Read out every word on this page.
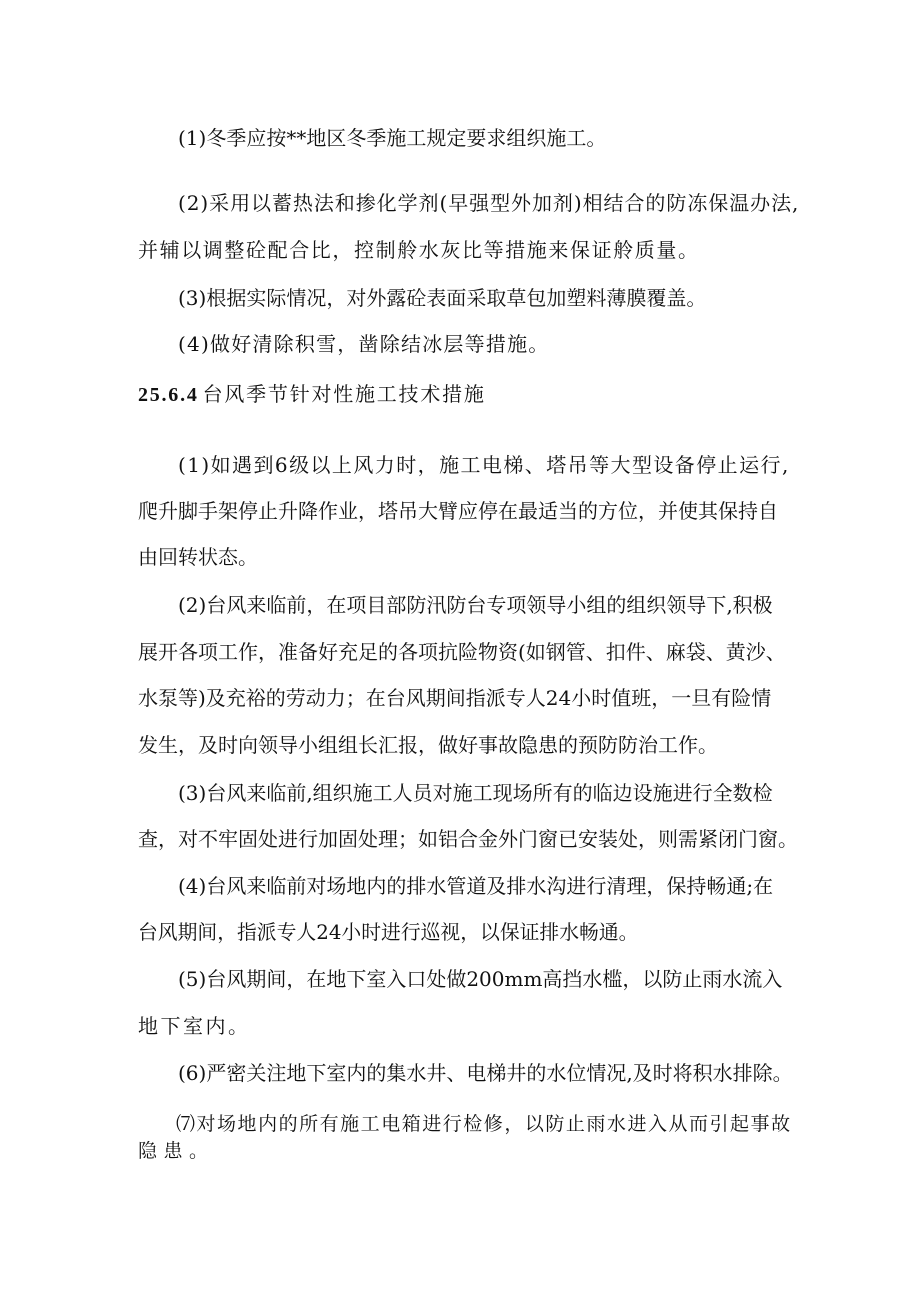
(1)冬季应按**地区冬季施工规定要求组织施工。
(2)采用以蓄热法和掺化学剂(早强型外加剂)相结合的防冻保温办法,
并辅以调整砼配合比，控制舲水灰比等措施来保证舲质量。
(3)根据实际情况，对外露砼表面采取草包加塑料薄膜覆盖。
(4)做好清除积雪，凿除结冰层等措施。
25.6.4 台风季节针对性施工技术措施
(1)如遇到6级以上风力时，施工电梯、塔吊等大型设备停止运行,
爬升脚手架停止升降作业，塔吊大臂应停在最适当的方位，并使其保持自
由回转状态。
(2)台风来临前，在项目部防汛防台专项领导小组的组织领导下,积极
展开各项工作，准备好充足的各项抗险物资(如钢管、扣件、麻袋、黄沙、
水泵等)及充裕的劳动力；在台风期间指派专人24小时值班，一旦有险情
发生，及时向领导小组组长汇报，做好事故隐患的预防防治工作。
(3)台风来临前,组织施工人员对施工现场所有的临边设施进行全数检
查，对不牢固处进行加固处理；如铝合金外门窗已安装处，则需紧闭门窗。
(4)台风来临前对场地内的排水管道及排水沟进行清理，保持畅通;在
台风期间，指派专人24小时进行巡视，以保证排水畅通。
(5)台风期间，在地下室入口处做200mm高挡水槛，以防止雨水流入
地下室内。
(6)严密关注地下室内的集水井、电梯井的水位情况,及时将积水排除。
⑺对场地内的所有施工电箱进行检修，以防止雨水进入从而引起事故
隐患。
